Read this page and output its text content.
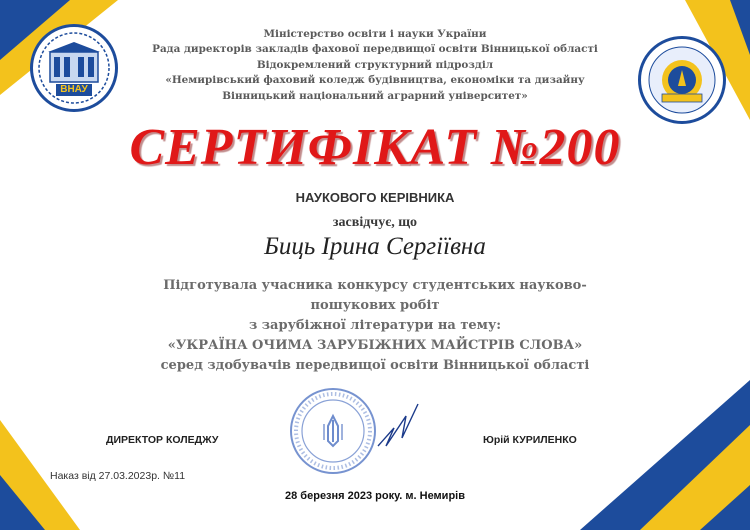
ВНАУ
Міністерство освіти і науки України
Рада директорів закладів фахової передвищої освіти Вінницької області
Відокремлений структурний підрозділ
«Немирівський фаховий коледж будівництва, економіки та дизайну
Вінницький національний аграрний університет»
СЕРТИФІКАТ №200
НАУКОВОГО КЕРІВНИКА
засвідчує, що
Биць Ірина Сергіївна
Підготувала учасника конкурсу студентських науково-
пошукових робіт
з зарубіжної літератури на тему:
«УКРАЇНА ОЧИМА ЗАРУБІЖНИХ МАЙСТРІВ СЛОВА»
серед здобувачів передвищої освіти Вінницької області
ДИРЕКТОР КОЛЕДЖУ	Юрій КУРИЛЕНКО
Наказ від 27.03.2023р. №11
28 березня 2023 року. м. Немирів
